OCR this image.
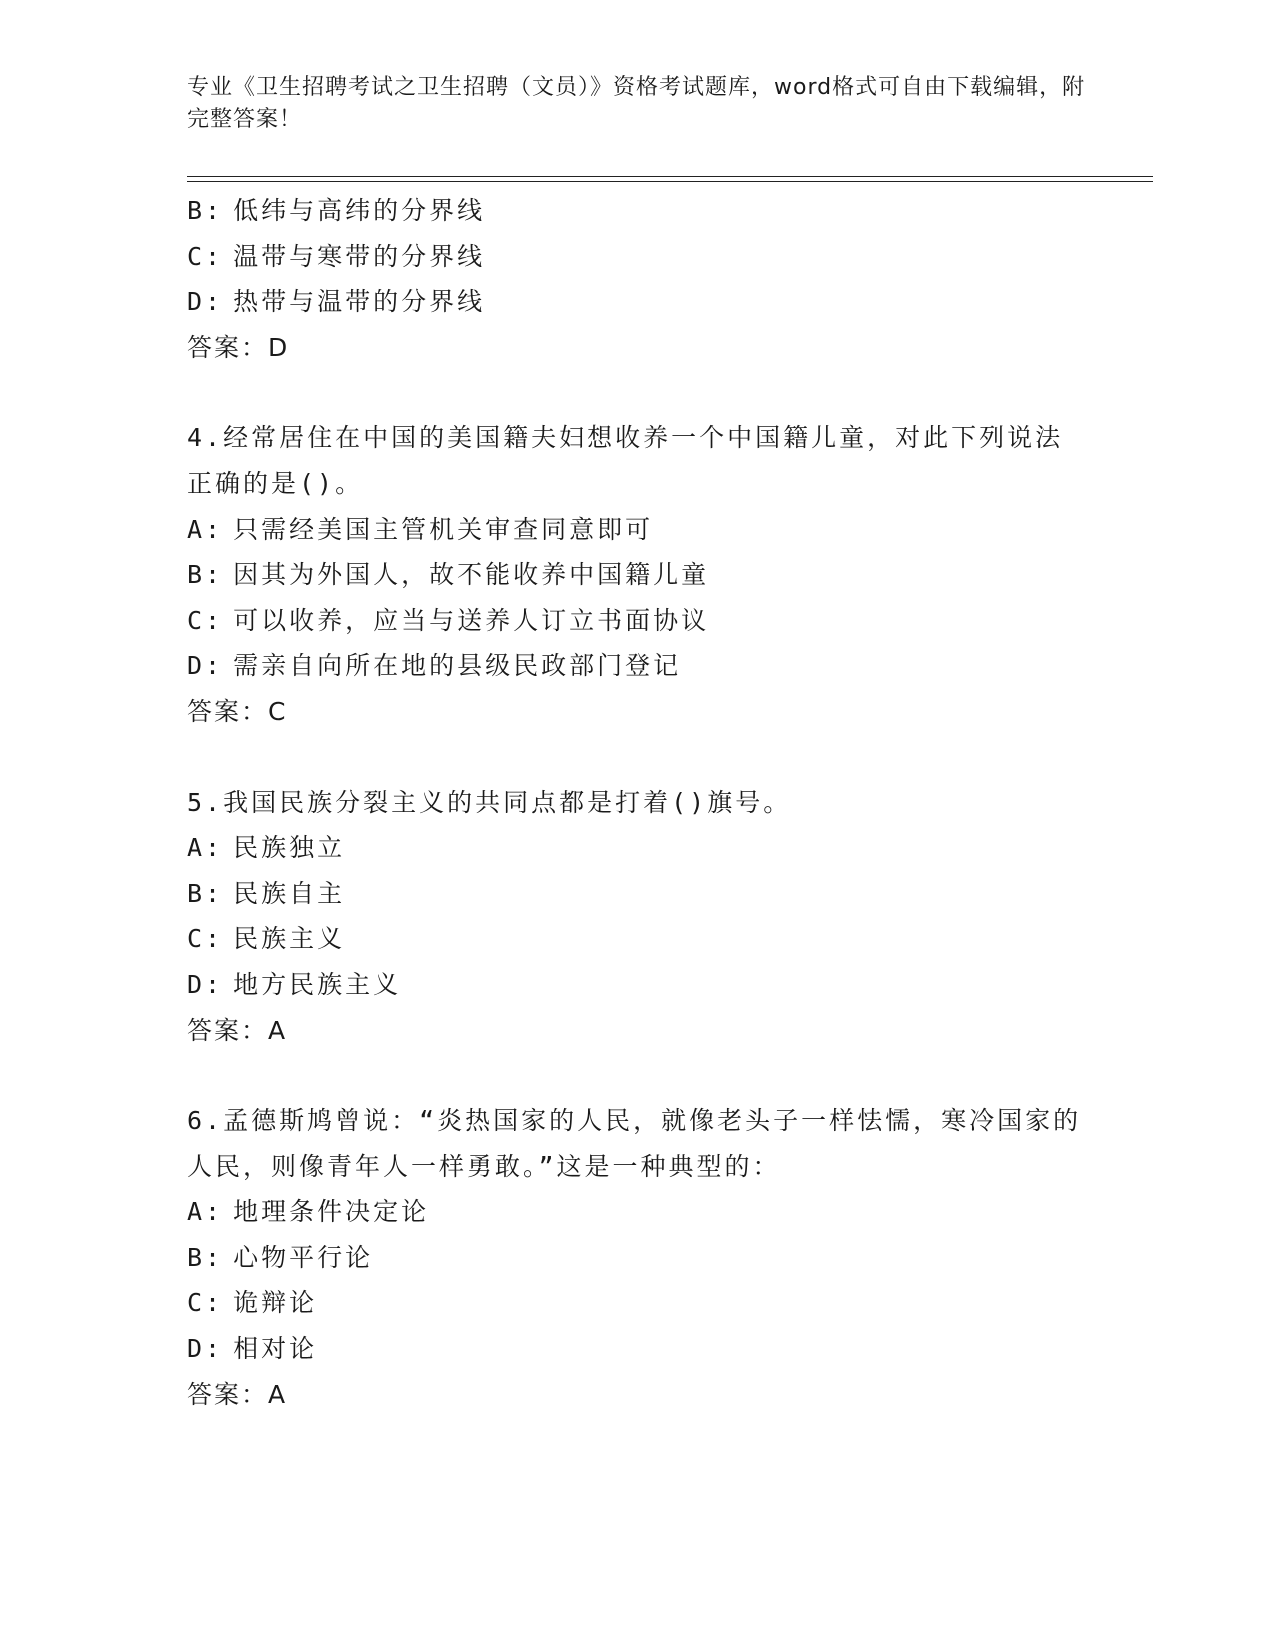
专业《卫生招聘考试之卫生招聘（文员）》资格考试题库，word格式可自由下载编辑，附完整答案！
B: 低纬与高纬的分界线
C: 温带与寒带的分界线
D: 热带与温带的分界线
答案：D
4.经常居住在中国的美国籍夫妇想收养一个中国籍儿童，对此下列说法正确的是()。
A: 只需经美国主管机关审查同意即可
B: 因其为外国人，故不能收养中国籍儿童
C: 可以收养，应当与送养人订立书面协议
D: 需亲自向所在地的县级民政部门登记
答案：C
5.我国民族分裂主义的共同点都是打着()旗号。
A: 民族独立
B: 民族自主
C: 民族主义
D: 地方民族主义
答案：A
6.孟德斯鸠曾说：“炎热国家的人民，就像老头子一样怯懦，寒冷国家的人民，则像青年人一样勇敢。”这是一种典型的：
A: 地理条件决定论
B: 心物平行论
C: 诡辩论
D: 相对论
答案：A
